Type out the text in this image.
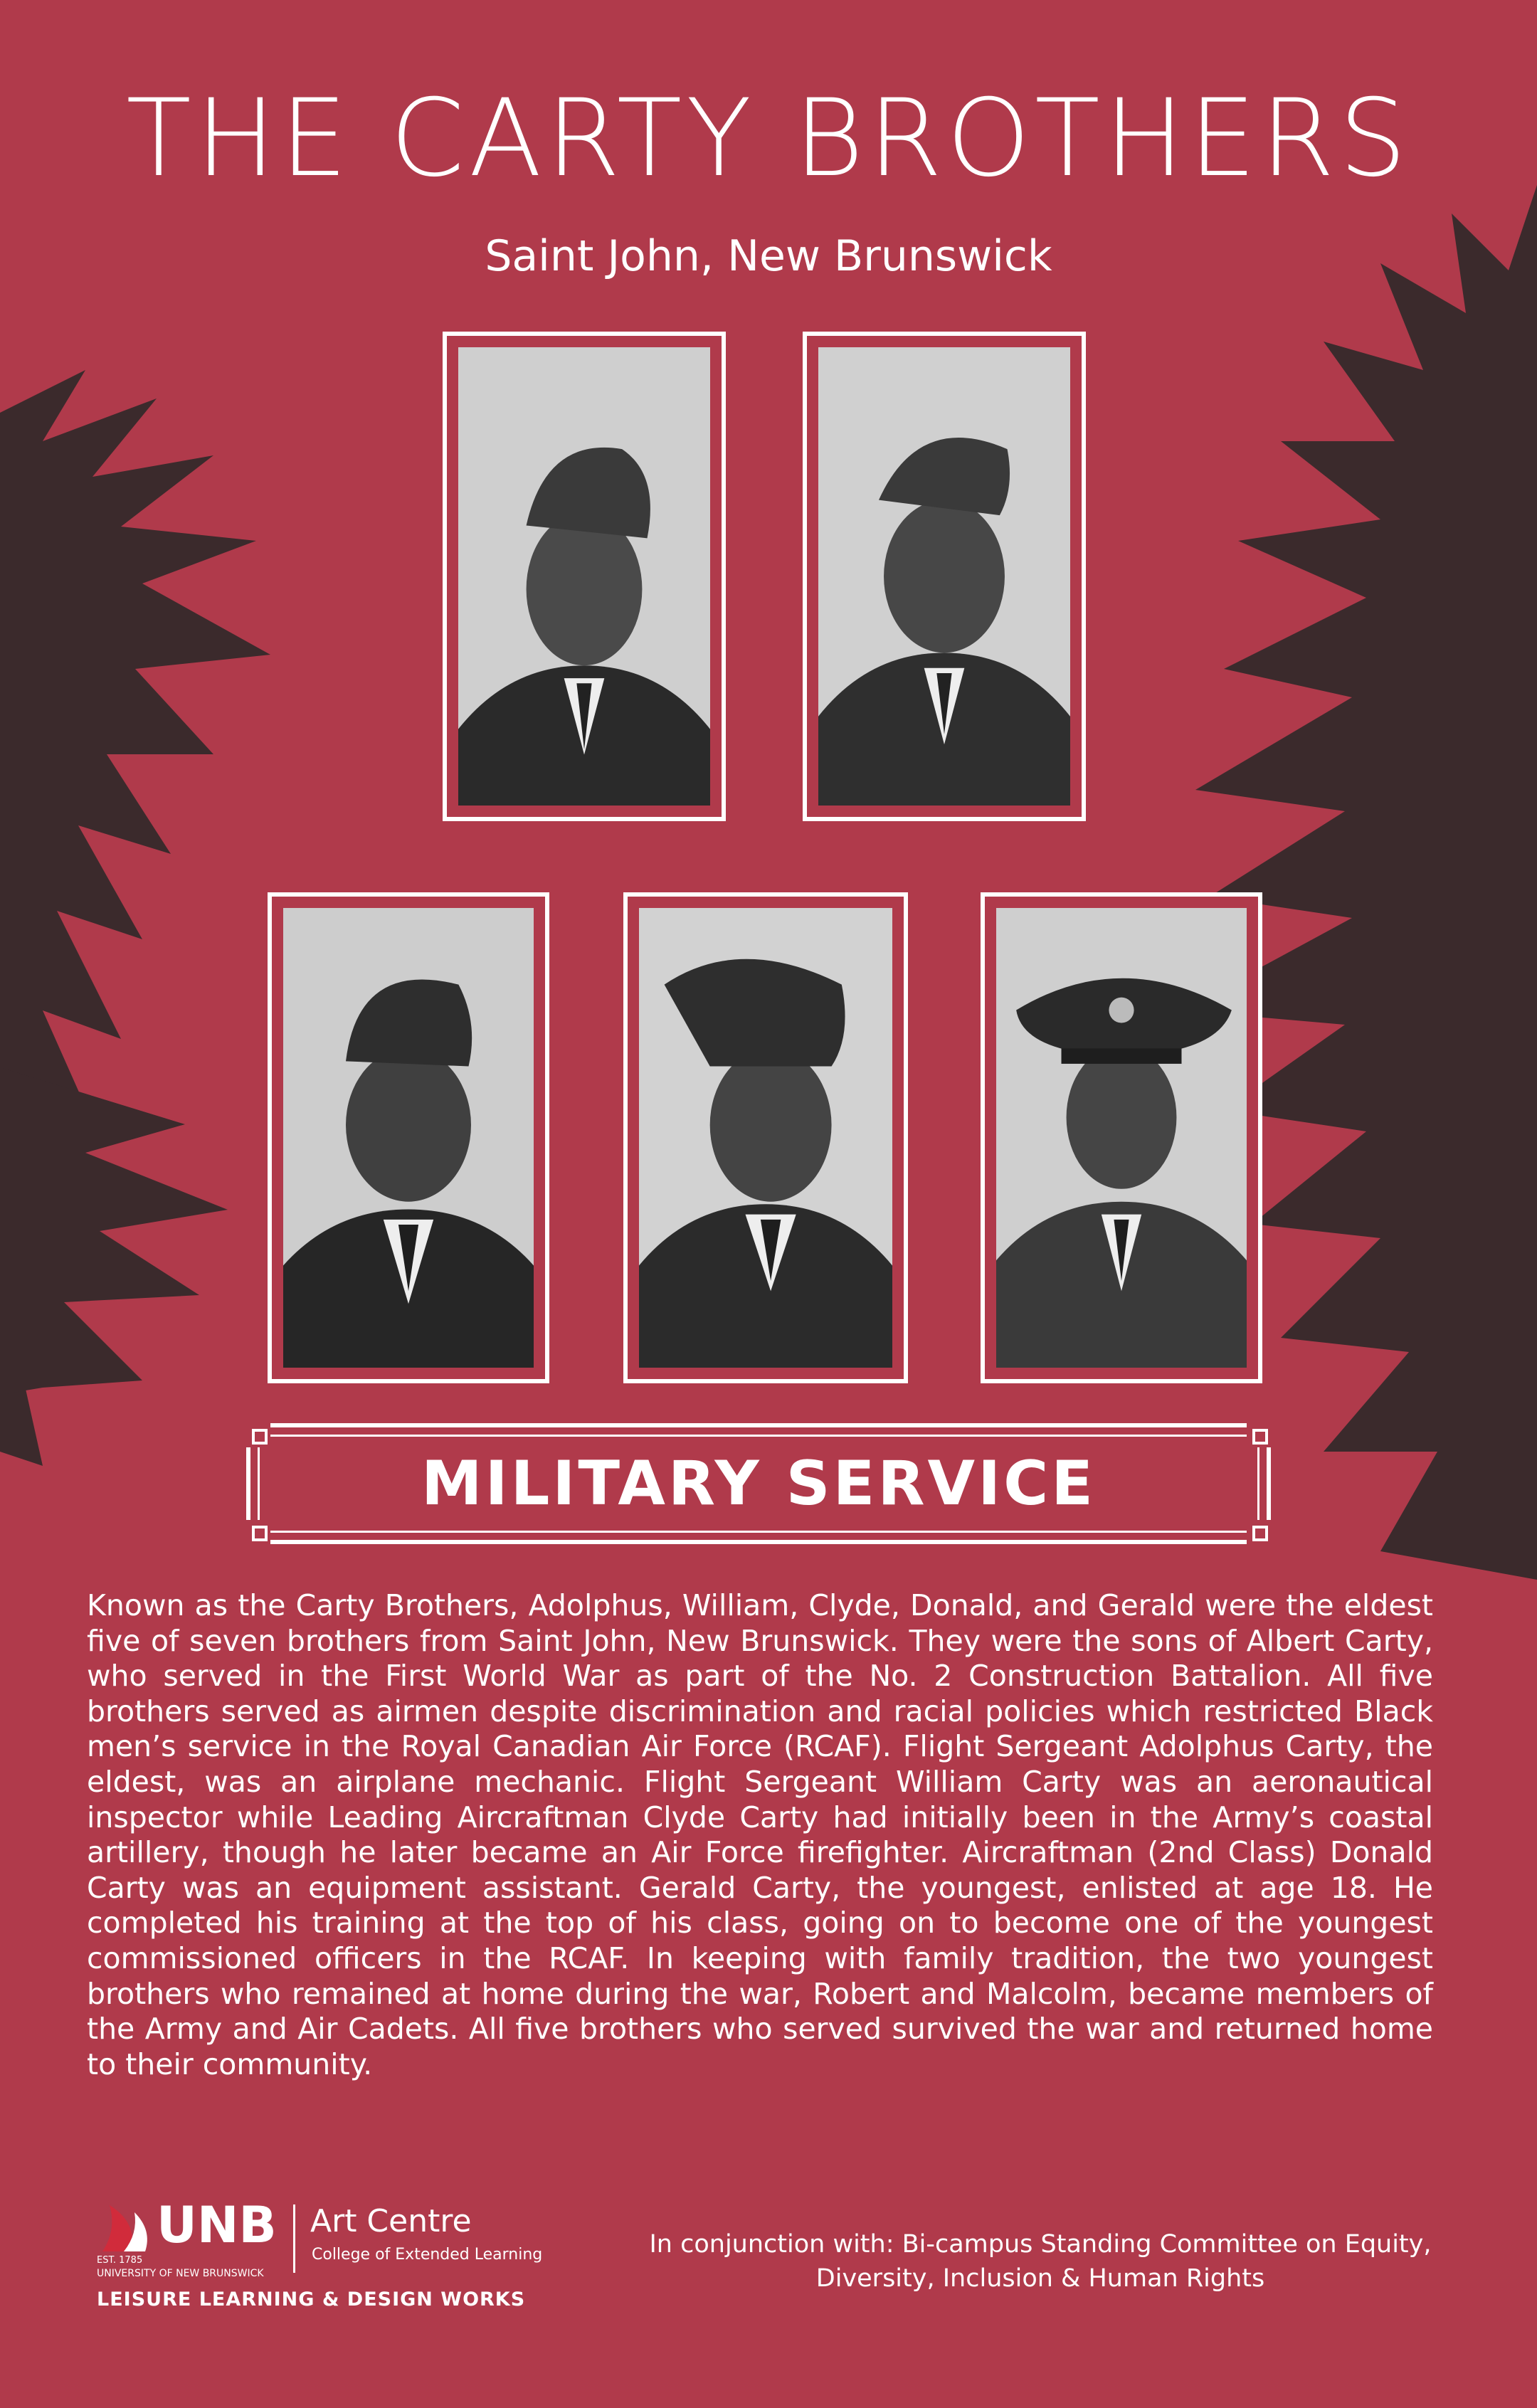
THE CARTY BROTHERS

Saint John, New Brunswick

MILITARY SERVICE

Known as the Carty Brothers, Adolphus, William, Clyde, Donald, and Gerald were the eldest five of seven brothers from Saint John, New Brunswick. They were the sons of Albert Carty, who served in the First World War as part of the No. 2 Construction Battalion. All five brothers served as airmen despite discrimination and racial policies which restricted Black men’s service in the Royal Canadian Air Force (RCAF). Flight Sergeant Adolphus Carty, the eldest, was an airplane mechanic. Flight Sergeant William Carty was an aeronautical inspector while Leading Aircraftman Clyde Carty had initially been in the Army’s coastal artillery, though he later became an Air Force firefighter. Aircraftman (2nd Class) Donald Carty was an equipment assistant. Gerald Carty, the youngest, enlisted at age 18. He completed his training at the top of his class, going on to become one of the youngest commissioned officers in the RCAF. In keeping with family tradition, the two youngest brothers who remained at home during the war, Robert and Malcolm, became members of the Army and Air Cadets. All five brothers who served survived the war and returned home to their community.

UNB
EST. 1785
UNIVERSITY OF NEW BRUNSWICK
Art Centre
College of Extended Learning
LEISURE LEARNING & DESIGN WORKS

In conjunction with: Bi-campus Standing Committee on Equity,
Diversity, Inclusion & Human Rights
